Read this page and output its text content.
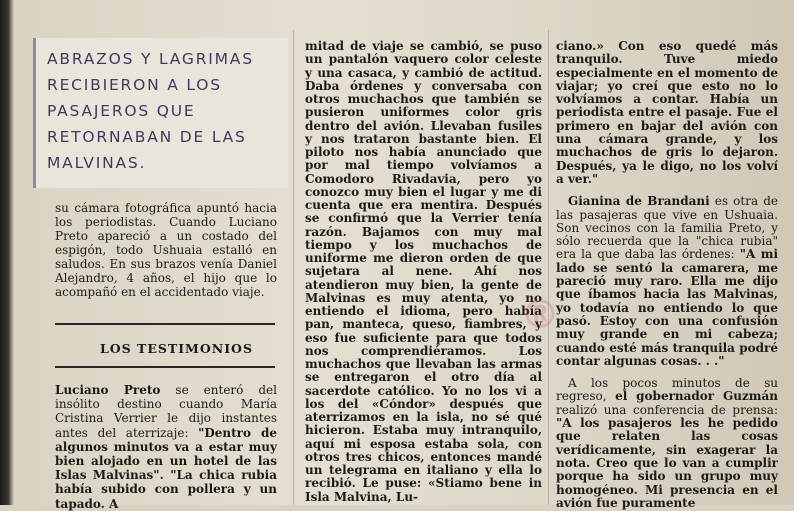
ABRAZOS Y LAGRIMAS RECIBIERON A LOS PASAJEROS QUE RETORNABAN DE LAS MALVINAS.

su cámara fotográfica apuntó hacia los periodistas. Cuando Luciano Preto apareció a un costado del espigón, todo Ushuaia estalló en saludos. En sus brazos venía Daniel Alejandro, 4 años, el hijo que lo acompañó en el accidentado viaje.

LOS TESTIMONIOS

Luciano Preto se enteró del insólito destino cuando María Cristina Verrier le dijo instantes antes del aterrizaje: "Dentro de algunos minutos va a estar muy bien alojado en un hotel de las Islas Malvinas". "La chica rubia había subido con pollera y un tapado. A

mitad de viaje se cambió, se puso un pantalón vaquero color celeste y una casaca, y cambió de actitud. Daba órdenes y conversaba con otros muchachos que también se pusieron uniformes color gris dentro del avión. Llevaban fusiles y nos trataron bastante bien. El piloto nos había anunciado que por mal tiempo volvíamos a Comodoro Rivadavia, pero yo conozco muy bien el lugar y me di cuenta que era mentira. Después se confirmó que la Verrier tenía razón. Bajamos con muy mal tiempo y los muchachos de uniforme me dieron orden de que sujetara al nene. Ahí nos atendieron muy bien, la gente de Malvinas es muy atenta, yo no entiendo el idioma, pero había pan, manteca, queso, fiambres, y eso fue suficiente para que todos nos comprendiéramos. Los muchachos que llevaban las armas se entregaron el otro día al sacerdote católico. Yo no los vi a los del «Cóndor» después que aterrizamos en la isla, no sé qué hicieron. Estaba muy intranquilo, aquí mi esposa estaba sola, con otros tres chicos, entonces mandé un telegrama en italiano y ella lo recibió. Le puse: «Stiamo bene in Isla Malvina, Lu-

ciano.» Con eso quedé más tranquilo. Tuve miedo especialmente en el momento de viajar; yo creí que esto no lo volvíamos a contar. Había un periodista entre el pasaje. Fue el primero en bajar del avión con una cámara grande, y los muchachos de gris lo dejaron. Después, ya le digo, no los volví a ver."

Gianina de Brandani es otra de las pasajeras que vive en Ushuaia. Son vecinos con la familia Preto, y sólo recuerda que la "chica rubia" era la que daba las órdenes: "A mi lado se sentó la camarera, me pareció muy raro. Ella me dijo que íbamos hacia las Malvinas, yo todavía no entiendo lo que pasó. Estoy con una confusión muy grande en mi cabeza; cuando esté más tranquila podré contar algunas cosas. . ."

A los pocos minutos de su regreso, el gobernador Guzmán realizó una conferencia de prensa: "A los pasajeros les he pedido que relaten las cosas verídicamente, sin exagerar la nota. Creo que lo van a cumplir porque ha sido un grupo muy homogéneo. Mi presencia en el avión fue puramente

®
